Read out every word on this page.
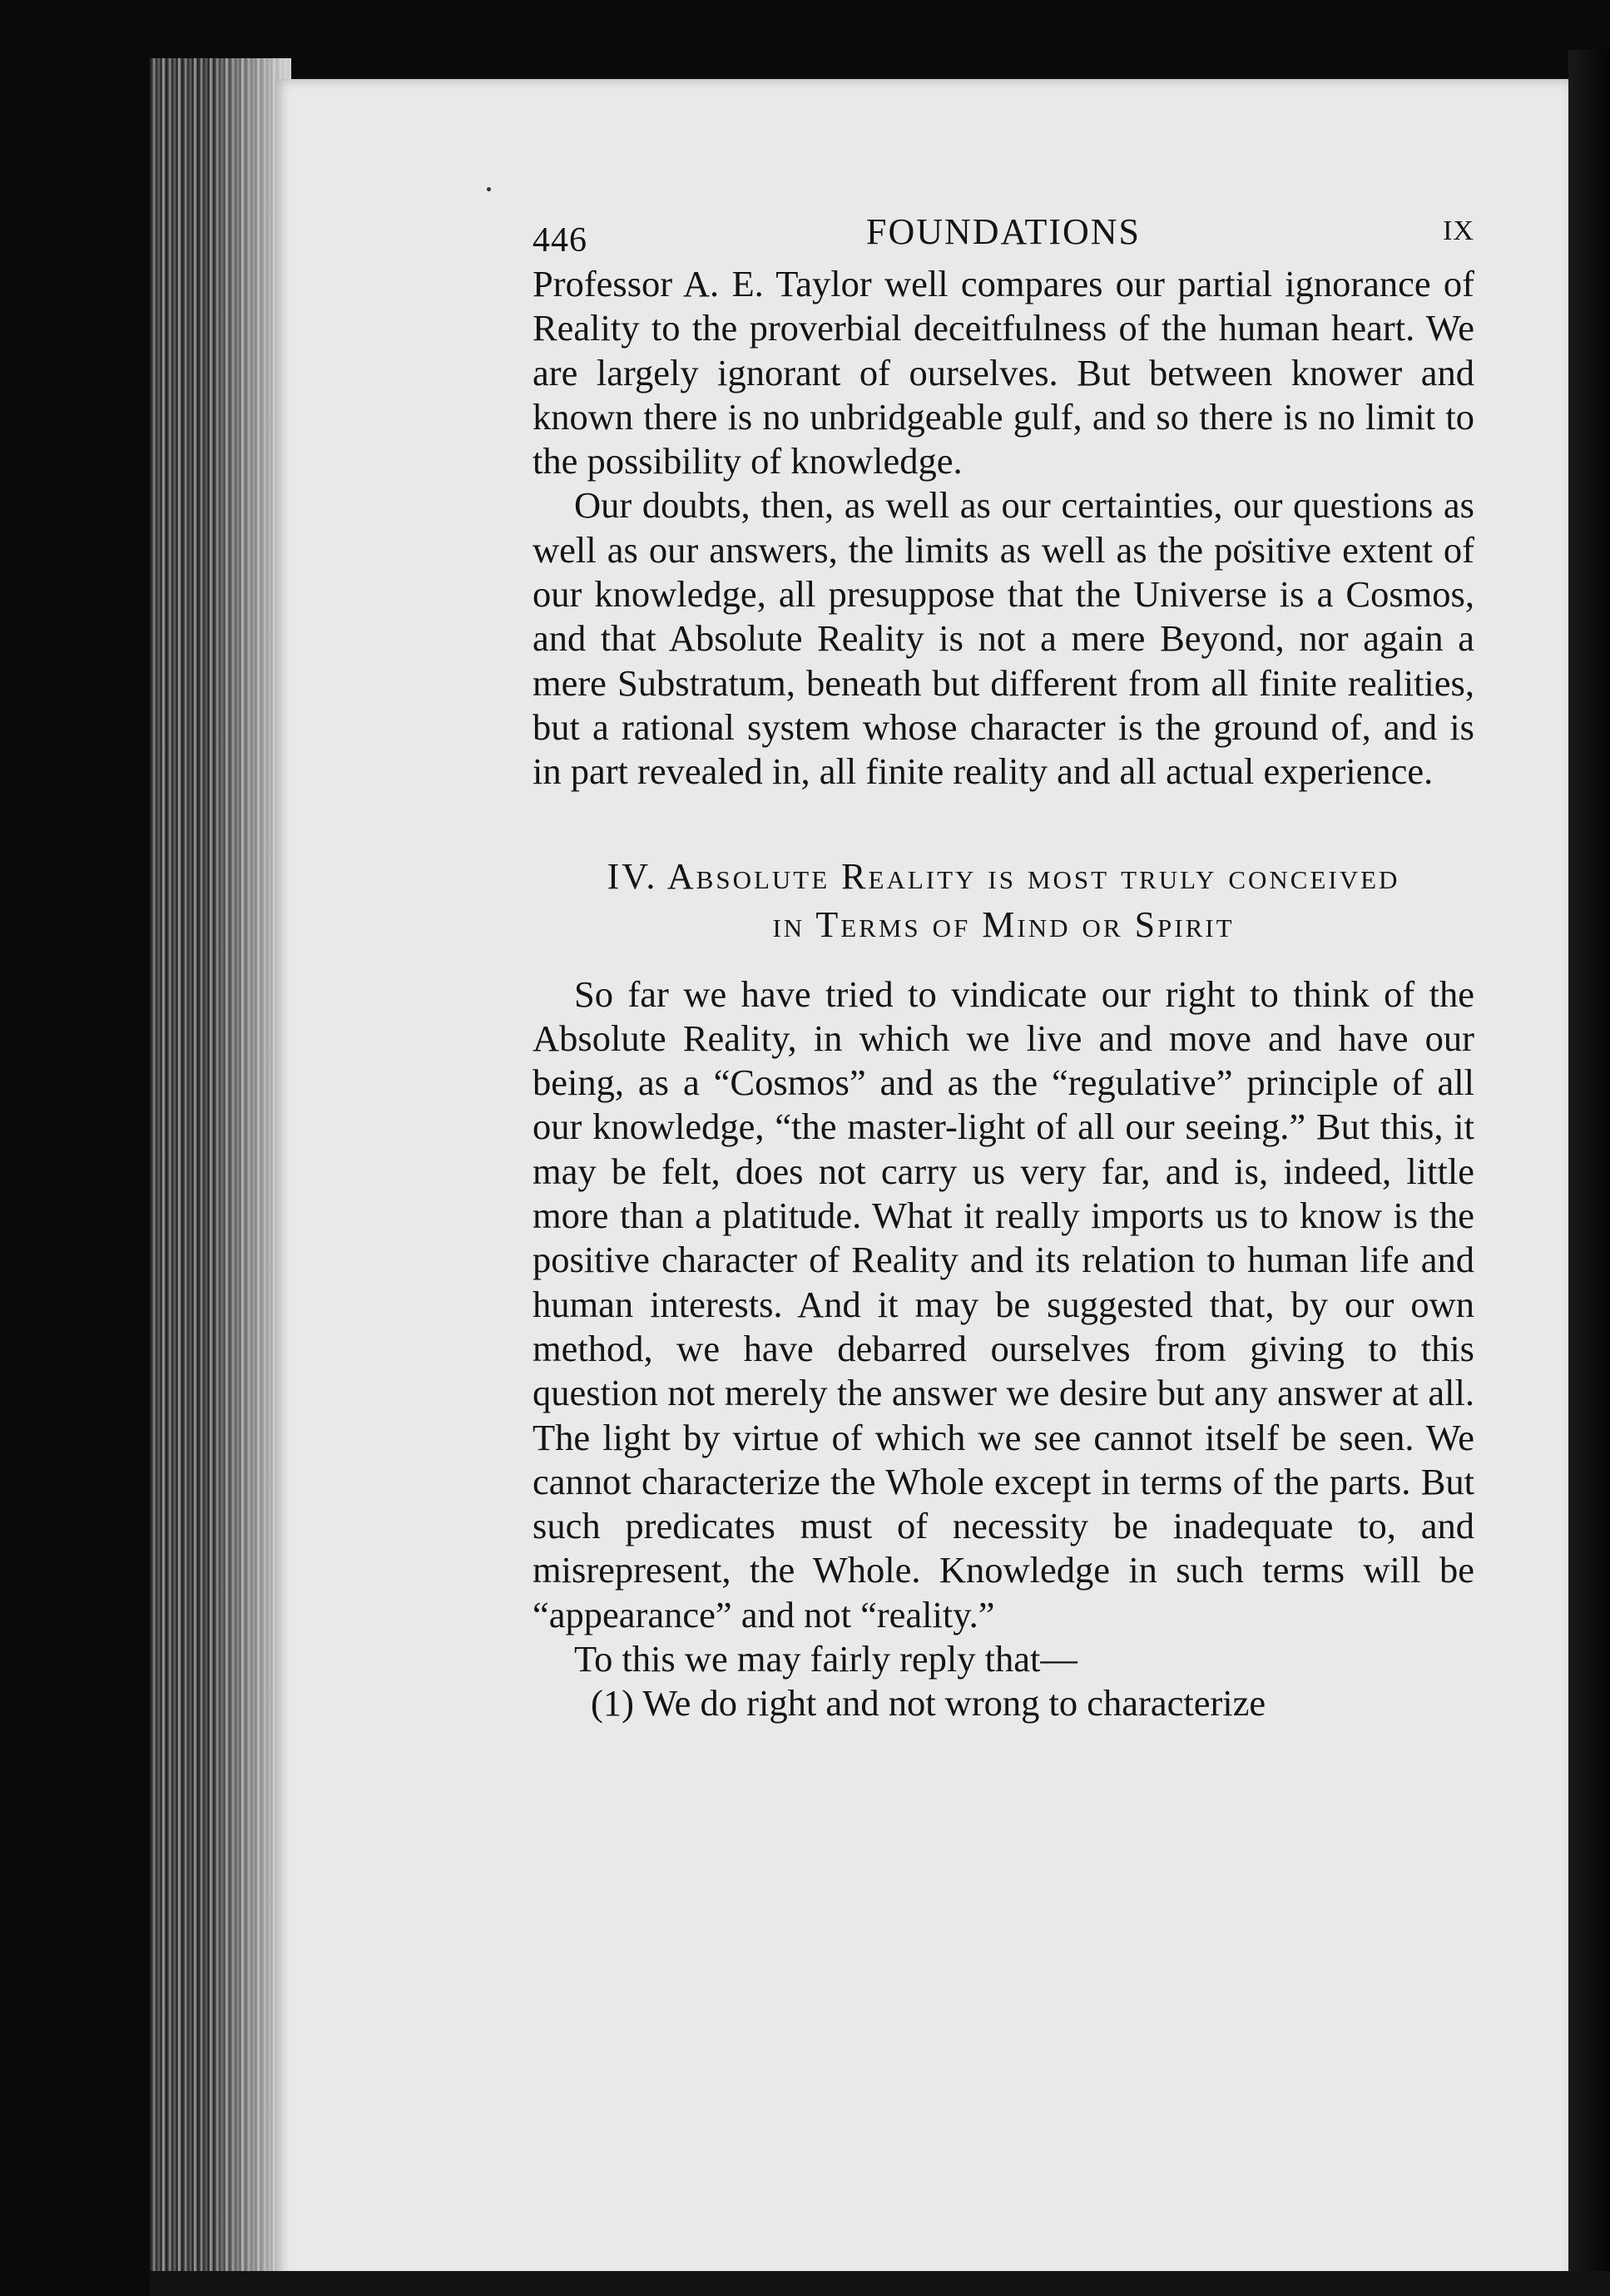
446	FOUNDATIONS	IX

Professor A. E. Taylor well compares our partial ignorance of Reality to the proverbial deceitfulness of the human heart. We are largely ignorant of ourselves. But between knower and known there is no unbridgeable gulf, and so there is no limit to the possibility of knowledge.

Our doubts, then, as well as our certainties, our questions as well as our answers, the limits as well as the positive extent of our knowledge, all presuppose that the Universe is a Cosmos, and that Absolute Reality is not a mere Beyond, nor again a mere Substratum, beneath but different from all finite realities, but a rational system whose character is the ground of, and is in part revealed in, all finite reality and all actual experience.

IV. Absolute Reality is most truly conceived
in Terms of Mind or Spirit

So far we have tried to vindicate our right to think of the Absolute Reality, in which we live and move and have our being, as a “Cosmos” and as the “regulative” principle of all our knowledge, “the master-light of all our seeing.” But this, it may be felt, does not carry us very far, and is, indeed, little more than a platitude. What it really imports us to know is the positive character of Reality and its relation to human life and human interests. And it may be suggested that, by our own method, we have debarred ourselves from giving to this question not merely the answer we desire but any answer at all. The light by virtue of which we see cannot itself be seen. We cannot characterize the Whole except in terms of the parts. But such predicates must of necessity be inadequate to, and misrepresent, the Whole. Knowledge in such terms will be “appearance” and not “reality.”

To this we may fairly reply that—

(1) We do right and not wrong to characterize
